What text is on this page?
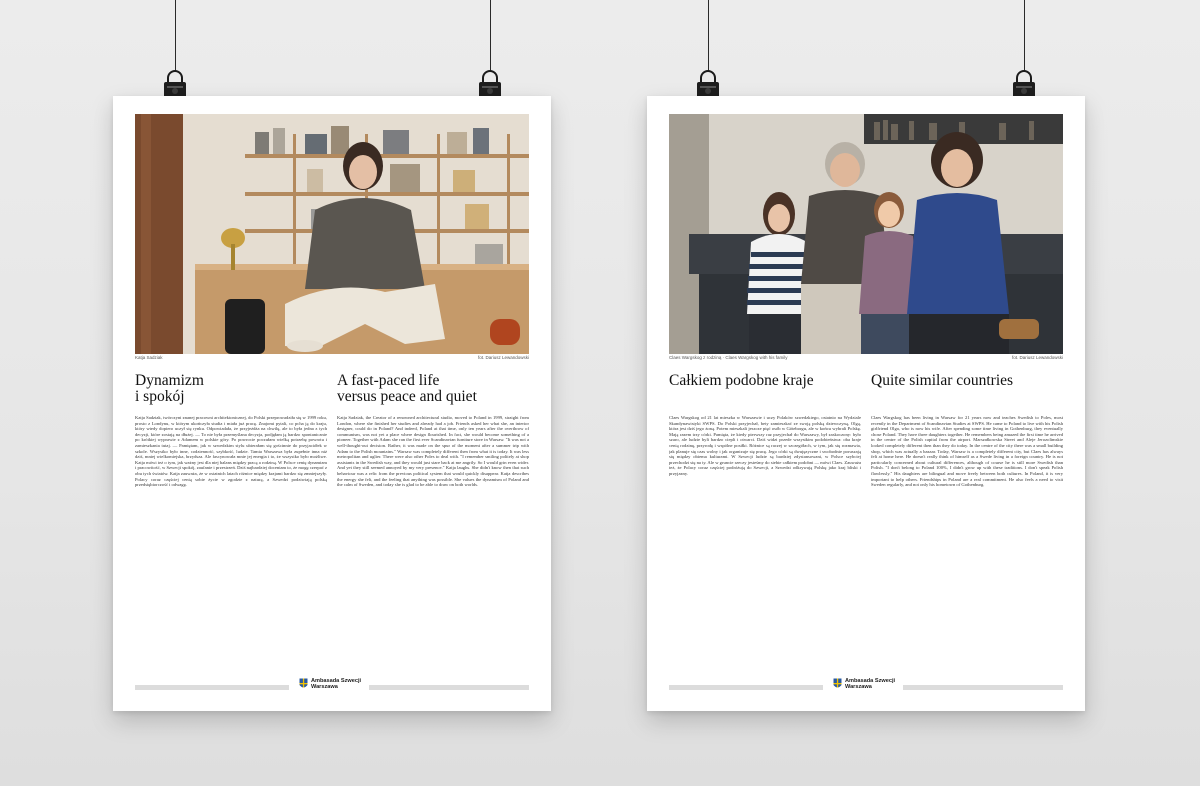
Katja Sadziak	fot. Dariusz Lewandowski
Dynamizm
i spokój
Katja Sadziak, twórczyni znanej pracowni architektonicznej, do Polski przeprowadziła się w 1999 roku, prosto z Londynu, w którym ukończyła studia i miała już pracę. Znajomi pytali, co pcha ją do kraju, który wtedy dopiero uczył się rynku. Odpowiadała, że przyjeżdża na chwilę, ale to była jedna z tych decyzji, które zostają na dłużej. — To nie była przemyślana decyzja, podjęłam ją bardzo spontanicznie po krótkiej wyprawie z Adamem w polskie góry. Po powrocie poczułam wielką potrzebę powrotu i zamieszkania tutaj. — Pamiętam, jak w szwedzkim stylu ubierałam się gościnnie do przyjaciółek w szkole. Wszystko było inne, codzienność, szybkość, ludzie. Tamta Warszawa była zupełnie inna niż dziś, mniej wielkomiejska, brzydsza. Ale fascynowała mnie jej energia i to, że wszystko było możliwe. Katja mówi też o tym, jak ważny jest dla niej balans między pracą a rodziną. W Polsce cenię dynamizm i pracowitość, w Szwecji spokój, zaufanie i przestrzeń. Dziś najbardziej doceniam to, że mogę czerpać z obu tych światów. Katja zauważa, że w ostatnich latach różnice między krajami bardzo się zmniejszyły. Polacy coraz częściej cenią sobie życie w zgodzie z naturą, a Szwedzi podziwiają polską przedsiębiorczość i odwagę.
A fast-paced life
versus peace and quiet
Katja Sadziak, the Creator of a renowned architectural studio, moved to Poland in 1999, straight from London, where she finished her studies and already had a job. Friends asked her what she, an interior designer, could do in Poland? And indeed, Poland at that time, only ten years after the overthrow of communism, was not yet a place where design flourished. In fact, she would become something of a pioneer. Together with Adam she ran the first ever Scandinavian furniture store in Warsaw. "It was not a well-thought-out decision. Rather, it was made on the spur of the moment after a summer trip with Adam to the Polish mountains." Warsaw was completely different then from what it is today. It was less metropolitan and uglier. There were also other Poles to deal with. "I remember smiling politely at shop assistants in the Swedish way, and they would just stare back at me angrily. So I would grin even wider. And yet they still seemed annoyed by my very presence." Katja laughs. She didn't know then that such behaviour was a relic from the previous political system that would quickly disappear. Katja describes the energy she felt, and the feeling that anything was possible. She values the dynamism of Poland and the calm of Sweden, and today she is glad to be able to draw on both worlds.
Ambasada Szwecji
Warszawa
Claes Wargskog z rodziną · Claes Wargskog with his family	fot. Dariusz Lewandowski
Całkiem podobne kraje
Claes Wargskog od 21 lat mieszka w Warszawie i uczy Polaków szwedzkiego, ostatnio na Wydziale Skandynawistyki SWPS. Do Polski przyjechał, bety zamieszkać ze swoją polską dziewczyną, Olgą, która jest dziś jego żoną. Potem mieszkali jeszcze pięć osób w Göteborgu, ale w końcu wybrali Polskę. Mają razem trzy córki. Pamięta, że kiedy pierwszy raz przyjechał do Warszawy, był zaskoczony: było szaro, ale ludzie byli bardzo ciepli i otwarci. Dziś widzi przede wszystkim podobieństwa: oba kraje cenią rodzinę, przyrodę i wspólne posiłki. Różnice są raczej w szczegółach, w tym, jak się rozmawia, jak planuje się czas wolny i jak organizuje się pracę. Jego córki są dwujęzyczne i swobodnie poruszają się między obiema kulturami. W Szwecji ludzie są bardziej zdystansowani, w Polsce szybciej przechodzi się na ty. Ale w gruncie rzeczy jesteśmy do siebie całkiem podobni — mówi Claes. Zauważa też, że Polacy coraz częściej podróżują do Szwecji, a Szwedzi odkrywają Polskę jako kraj bliski i przyjazny.
Quite similar countries
Claes Wargskog has been living in Warsaw for 21 years now and teaches Swedish to Poles, most recently in the Department of Scandinavian Studies at SWPS. He came to Poland to live with his Polish girlfriend Olga, who is now his wife. After spending some time living in Gothenburg, they eventually chose Poland. They have three daughters together. He remembers being amazed the first time he arrived in the centre of the Polish capital from the airport. Marszałkowska Street and Aleje Jerozolimskie looked completely different then than they do today. In the centre of the city there was a small building shop, which was actually a bazaar. Today, Warsaw is a completely different city, but Claes has always felt at home here. He doesn't really think of himself as a Swede living in a foreign country. He is not particularly concerned about cultural differences, although of course he is still more Swedish than Polish. "I don't belong to Poland 100%, I didn't grow up with these traditions. I don't speak Polish flawlessly." His daughters are bilingual and move freely between both cultures. In Poland, it is very important to help others. Friendships in Poland are a real commitment. He also feels a need to visit Sweden regularly, and not only his hometown of Gothenburg.
Ambasada Szwecji
Warszawa
